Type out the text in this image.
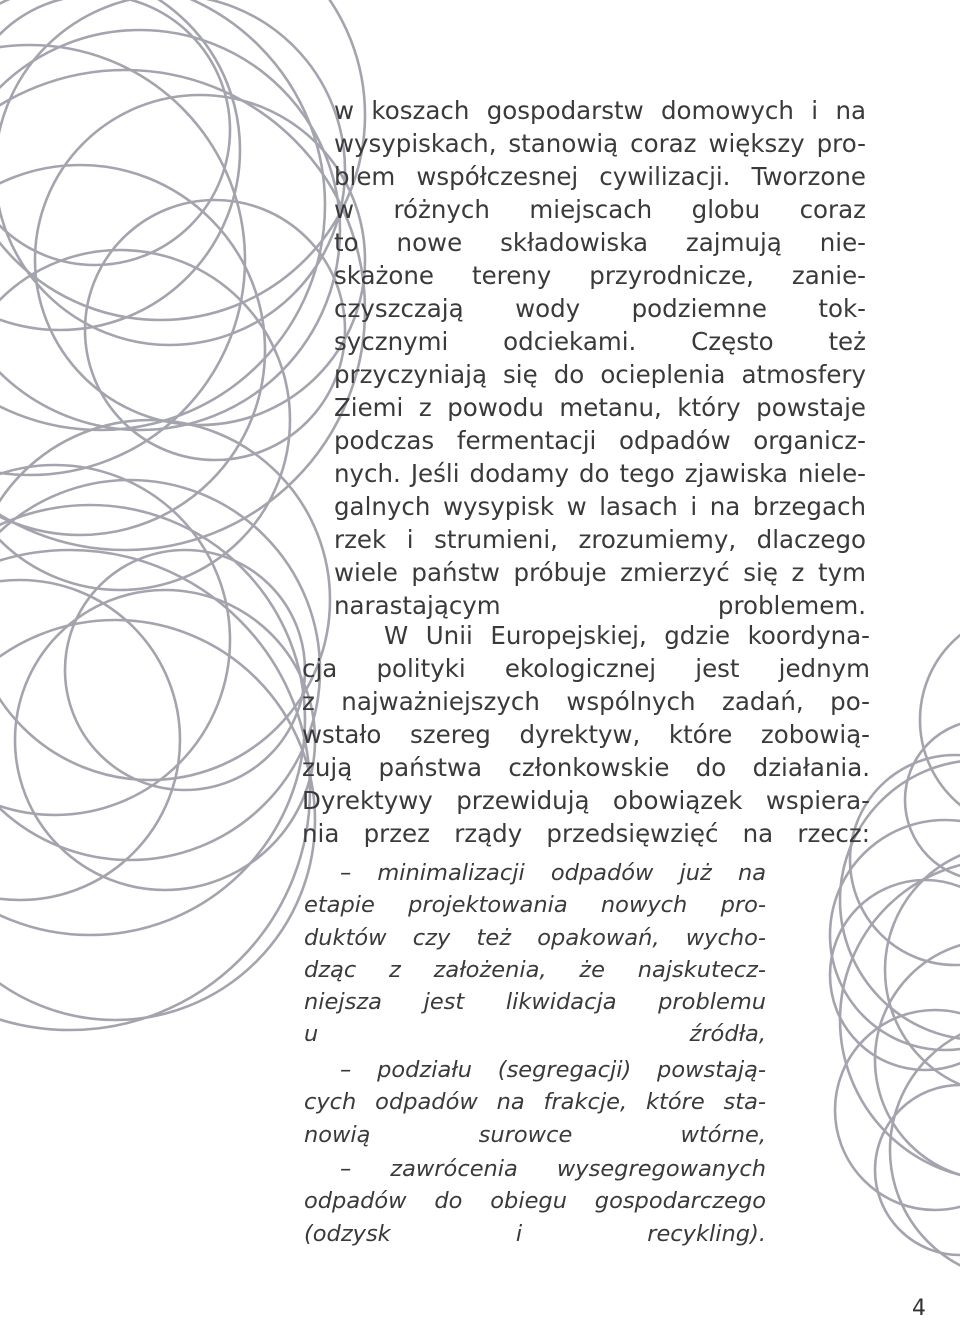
w koszach gospodarstw domowych i na
wysypiskach, stanowią coraz większy pro-
blem współczesnej cywilizacji. Tworzone
w różnych miejscach globu coraz
to nowe składowiska zajmują nie-
skażone tereny przyrodnicze, zanie-
czyszczają wody podziemne tok-
sycznymi odciekami. Często też
przyczyniają się do ocieplenia atmosfery
Ziemi z powodu metanu, który powstaje
podczas fermentacji odpadów organicz-
nych. Jeśli dodamy do tego zjawiska niele-
galnych wysypisk w lasach i na brzegach
rzek i strumieni, zrozumiemy, dlaczego
wiele państw próbuje zmierzyć się z tym
narastającym problemem.

W Unii Europejskiej, gdzie koordyna-
cja polityki ekologicznej jest jednym
z najważniejszych wspólnych zadań, po-
wstało szereg dyrektyw, które zobowią-
zują państwa członkowskie do działania.
Dyrektywy przewidują obowiązek wspiera-
nia przez rządy przedsięwzięć na rzecz:

– minimalizacji odpadów już na
etapie projektowania nowych pro-
duktów czy też opakowań, wycho-
dząc z założenia, że najskutecz-
niejsza jest likwidacja problemu
u źródła,

– podziału (segregacji) powstają-
cych odpadów na frakcje, które sta-
nowią surowce wtórne,

– zawrócenia wysegregowanych
odpadów do obiegu gospodarczego
(odzysk i recykling).

4
